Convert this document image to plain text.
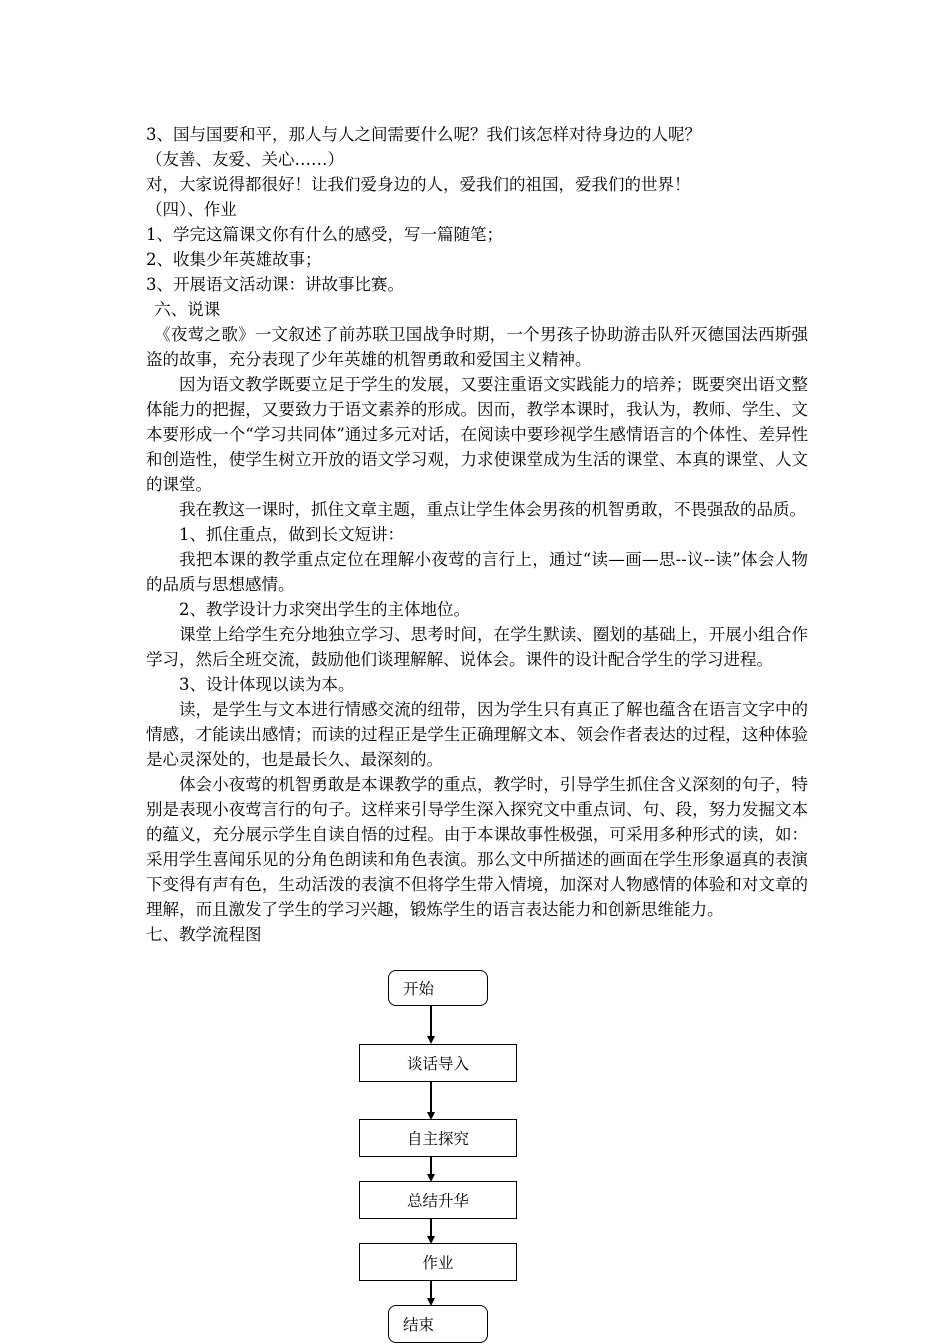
3、国与国要和平，那人与人之间需要什么呢？我们该怎样对待身边的人呢？

（友善、友爱、关心……）

对，大家说得都很好！让我们爱身边的人，爱我们的祖国，爱我们的世界！

（四）、作业

1、学完这篇课文你有什么的感受，写一篇随笔；

2、收集少年英雄故事；

3、开展语文活动课：讲故事比赛。

六、说课

《夜莺之歌》一文叙述了前苏联卫国战争时期，一个男孩子协助游击队歼灭德国法西斯强盗的故事，充分表现了少年英雄的机智勇敢和爱国主义精神。

因为语文教学既要立足于学生的发展，又要注重语文实践能力的培养；既要突出语文整体能力的把握，又要致力于语文素养的形成。因而，教学本课时，我认为，教师、学生、文本要形成一个“学习共同体”通过多元对话，在阅读中要珍视学生感情语言的个体性、差异性和创造性，使学生树立开放的语文学习观，力求使课堂成为生活的课堂、本真的课堂、人文的课堂。

我在教这一课时，抓住文章主题，重点让学生体会男孩的机智勇敢，不畏强敌的品质。

1、抓住重点，做到长文短讲：

我把本课的教学重点定位在理解小夜莺的言行上，通过“读—画—思--议--读”体会人物的品质与思想感情。

2、教学设计力求突出学生的主体地位。

课堂上给学生充分地独立学习、思考时间，在学生默读、圈划的基础上，开展小组合作学习，然后全班交流，鼓励他们谈理解解、说体会。课件的设计配合学生的学习进程。

3、设计体现以读为本。

读，是学生与文本进行情感交流的纽带，因为学生只有真正了解也蕴含在语言文字中的情感，才能读出感情；而读的过程正是学生正确理解文本、领会作者表达的过程，这种体验是心灵深处的，也是最长久、最深刻的。

体会小夜莺的机智勇敢是本课教学的重点，教学时，引导学生抓住含义深刻的句子，特别是表现小夜莺言行的句子。这样来引导学生深入探究文中重点词、句、段，努力发掘文本的蕴义，充分展示学生自读自悟的过程。由于本课故事性极强，可采用多种形式的读，如：采用学生喜闻乐见的分角色朗读和角色表演。那么文中所描述的画面在学生形象逼真的表演下变得有声有色，生动活泼的表演不但将学生带入情境，加深对人物感情的体验和对文章的理解，而且激发了学生的学习兴趣，锻炼学生的语言表达能力和创新思维能力。

七、教学流程图

开始
谈话导入
自主探究
总结升华
作业
结束
